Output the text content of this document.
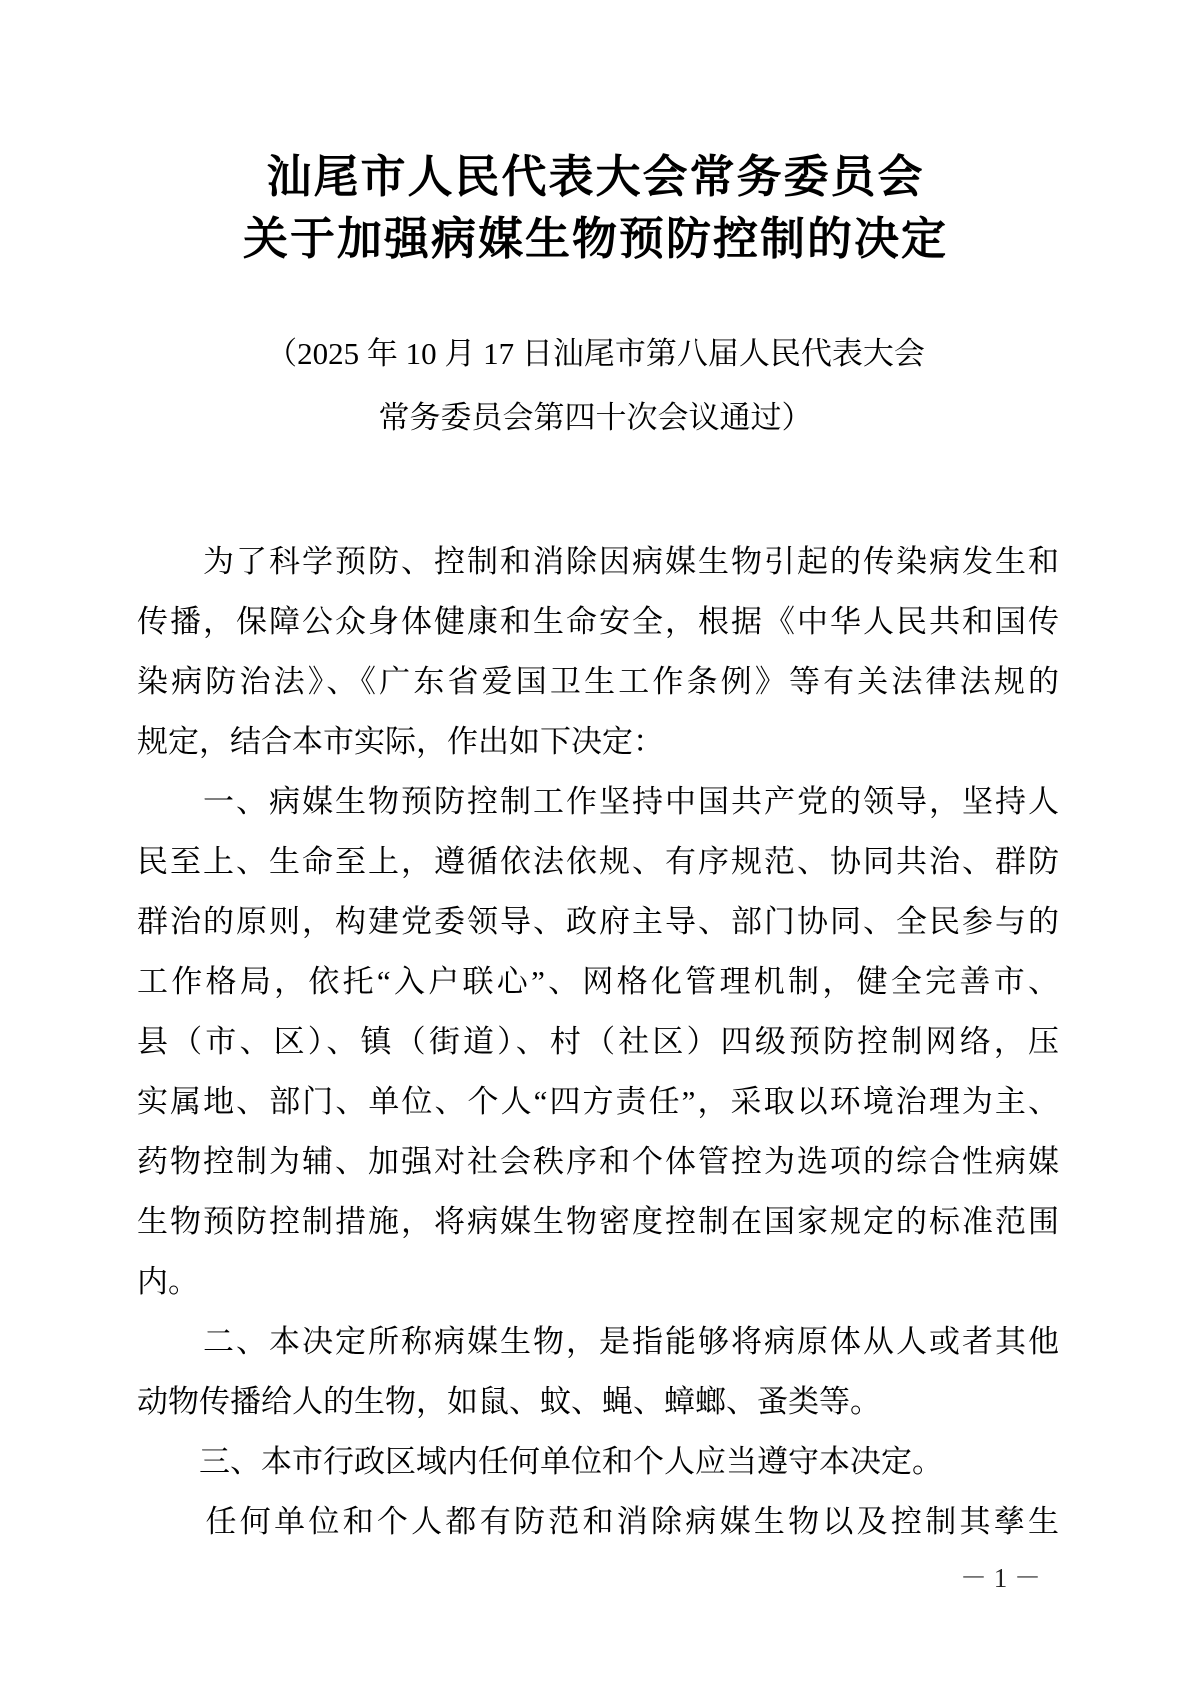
汕尾市人民代表大会常务委员会
关于加强病媒生物预防控制的决定
（2025 年 10 月 17 日汕尾市第八届人民代表大会
常务委员会第四十次会议通过）
　　为了科学预防、控制和消除因病媒生物引起的传染病发生和
传播，保障公众身体健康和生命安全，根据《中华人民共和国传
染病防治法》、《广东省爱国卫生工作条例》等有关法律法规的
规定，结合本市实际，作出如下决定：
　　一、病媒生物预防控制工作坚持中国共产党的领导，坚持人
民至上、生命至上，遵循依法依规、有序规范、协同共治、群防
群治的原则，构建党委领导、政府主导、部门协同、全民参与的
工作格局，依托“入户联心”、网格化管理机制，健全完善市、
县（市、区）、镇（街道）、村（社区）四级预防控制网络，压
实属地、部门、单位、个人“四方责任”，采取以环境治理为主、
药物控制为辅、加强对社会秩序和个体管控为选项的综合性病媒
生物预防控制措施，将病媒生物密度控制在国家规定的标准范围
内。
　　二、本决定所称病媒生物，是指能够将病原体从人或者其他
动物传播给人的生物，如鼠、蚊、蝇、蟑螂、蚤类等。
　　三、本市行政区域内任何单位和个人应当遵守本决定。
　　任何单位和个人都有防范和消除病媒生物以及控制其孳生
－ 1 －
